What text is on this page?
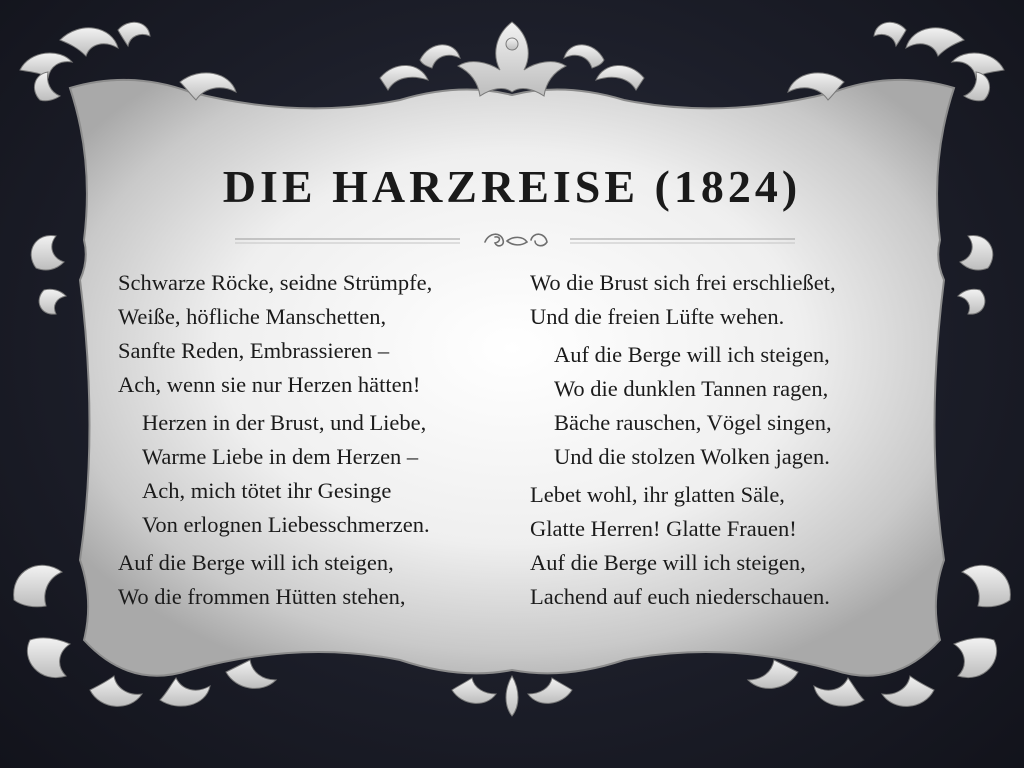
DIE HARZREISE (1824)

Schwarze Röcke, seidne Strümpfe,
Weiße, höfliche Manschetten,
Sanfte Reden, Embrassieren –
Ach, wenn sie nur Herzen hätten!

Herzen in der Brust, und Liebe,
Warme Liebe in dem Herzen –
Ach, mich tötet ihr Gesinge
Von erlognen Liebesschmerzen.

Auf die Berge will ich steigen,
Wo die frommen Hütten stehen,

Wo die Brust sich frei erschließet,
Und die freien Lüfte wehen.

Auf die Berge will ich steigen,
Wo die dunklen Tannen ragen,
Bäche rauschen, Vögel singen,
Und die stolzen Wolken jagen.

Lebet wohl, ihr glatten Säle,
Glatte Herren! Glatte Frauen!
Auf die Berge will ich steigen,
Lachend auf euch niederschauen.
